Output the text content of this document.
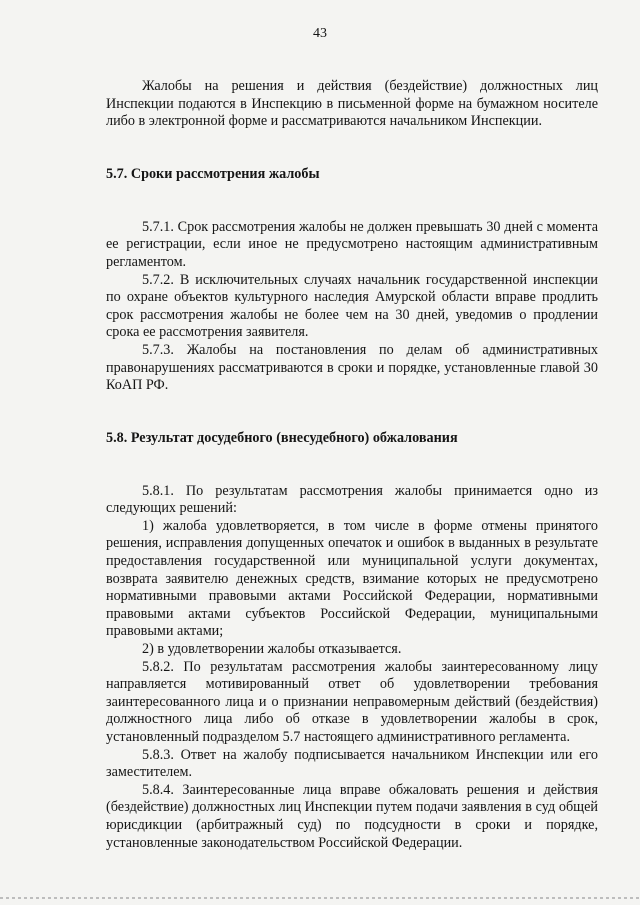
43

Жалобы на решения и действия (бездействие) должностных лиц Инспекции подаются в Инспекцию в письменной форме на бумажном носителе либо в электронной форме и рассматриваются начальником Инспекции.

5.7. Сроки рассмотрения жалобы

5.7.1. Срок рассмотрения жалобы не должен превышать 30 дней с момента ее регистрации, если иное не предусмотрено настоящим административным регламентом.

5.7.2. В исключительных случаях начальник государственной инспекции по охране объектов культурного наследия Амурской области вправе продлить срок рассмотрения жалобы не более чем на 30 дней, уведомив о продлении срока ее рассмотрения заявителя.

5.7.3. Жалобы на постановления по делам об административных правонарушениях рассматриваются в сроки и порядке, установленные главой 30 КоАП РФ.

5.8. Результат досудебного (внесудебного) обжалования

5.8.1. По результатам рассмотрения жалобы принимается одно из следующих решений:

1) жалоба удовлетворяется, в том числе в форме отмены принятого решения, исправления допущенных опечаток и ошибок в выданных в результате предоставления государственной или муниципальной услуги документах, возврата заявителю денежных средств, взимание которых не предусмотрено нормативными правовыми актами Российской Федерации, нормативными правовыми актами субъектов Российской Федерации, муниципальными правовыми актами;

2) в удовлетворении жалобы отказывается.

5.8.2. По результатам рассмотрения жалобы заинтересованному лицу направляется мотивированный ответ об удовлетворении требования заинтересованного лица и о признании неправомерным действий (бездействия) должностного лица либо об отказе в удовлетворении жалобы в срок, установленный подразделом 5.7 настоящего административного регламента.

5.8.3. Ответ на жалобу подписывается начальником Инспекции или его заместителем.

5.8.4. Заинтересованные лица вправе обжаловать решения и действия (бездействие) должностных лиц Инспекции путем подачи заявления в суд общей юрисдикции (арбитражный суд) по подсудности в сроки и порядке, установленные законодательством Российской Федерации.
